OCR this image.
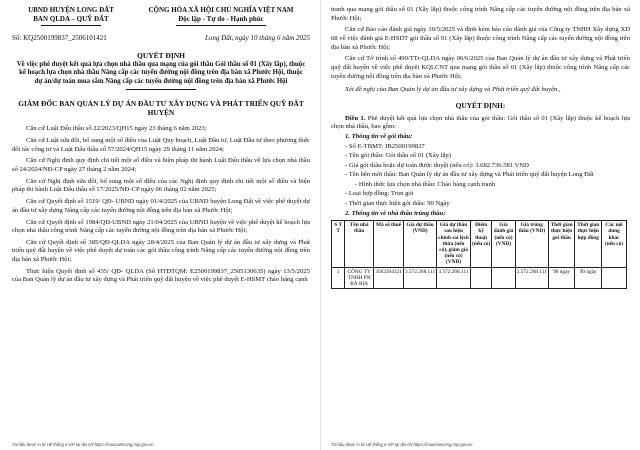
UBND HUYỆN LONG ĐẤT
BAN QLDA – QUỸ ĐẤT
CỘNG HÒA XÃ HỘI CHỦ NGHĨA VIỆT NAM
Độc lập - Tự do - Hạnh phúc
Số: KQ2500199837_2506101421	Long Đất, ngày 10 tháng 6 năm 2025
QUYẾT ĐỊNH
Về việc phê duyệt kết quả lựa chọn nhà thầu qua mạng của gói thầu Gói thầu số 01 (Xây lắp), thuộc kế hoạch lựa chọn nhà thầu Nâng cấp các tuyến đường nội đồng trên địa bàn xã Phước Hội, thuộc dự án/dự toán mua sắm Nâng cấp các tuyến đường nội đồng trên địa bàn xã Phước Hội
GIÁM ĐỐC BAN QUẢN LÝ DỰ ÁN ĐẦU TƯ XÂY DỰNG VÀ PHÁT TRIỂN QUỸ ĐẤT HUYỆN
Căn cứ Luật Đấu thầu số 22/2023/QH15 ngày 23 tháng 6 năm 2023;
Căn cứ Luật sửa đổi, bổ sung một số điều của Luật Quy hoạch, Luật Đầu tư, Luật Đầu tư theo phương thức đối tác công tư và Luật Đấu thầu số 57/2024/QH15 ngày 29 tháng 11 năm 2024;
Căn cứ Nghị định quy định chi tiết một số điều và biện pháp thi hành Luật Đấu thầu về lựa chọn nhà thầu số 24/2024/NĐ-CP ngày 27 tháng 2 năm 2024;
Căn cứ Nghị định sửa đổi, bổ sung một số điều của các Nghị định quy định chi tiết một số điều và biện pháp thi hành Luật Đấu thầu số 17/2025/NĐ-CP ngày 06 tháng 02 năm 2025;
Căn cứ Quyết định số 1519/ QĐ- UBND ngày 01/4/2025 của UBND huyện Long Đất về việc phê duyệt dự án đầu tư xây dựng Nâng cấp các tuyến đường nội đồng trên địa bàn xã Phước Hội;
Căn cứ Quyết định số 1984/QĐ-UBND ngày 21/04/2025 của UBND huyện về việc phê duyệt kế hoạch lựa chọn nhà thầu công trình Nâng cấp các tuyến đường nội đồng trên địa bàn xã Phước Hội;
Căn cứ Quyết định số 385/QĐ-QLDA ngày 28/4/2025 của Ban Quản lý dự án đầu tư xây dựng và Phát triển quỹ đất huyện về việc phê duyệt dự toán các gói thầu công trình Nâng cấp các tuyến đường nội đồng trên địa bàn xã Phước Hội;
Thực hiện Quyết định số 435/ QĐ- QLDA (Số HTĐTQM: E2500199837_2505130635) ngày 13/5/2025 của Ban Quản lý dự án đầu tư xây dựng và Phát triển quỹ đất huyện về việc phê duyệt E-HSMT chào hàng cạnh
Tài liệu được in từ Hệ thống e-GP tại địa chỉ https://muasamcong.mpi.gov.vn
tranh qua mạng gói thầu số 01 (Xây lắp) thuộc công trình Nâng cấp các tuyến đường nội đồng trên địa bàn xã Phước Hội;
Căn cứ Báo cáo đánh giá ngày 30/5/2025 và định kèm báo cáo đánh giá của Công ty TNHH Xây dựng XD 68 về việc đánh giá E-HSDT gói thầu số 01 (Xây lắp) thuộc công trình Nâng cấp các tuyến đường nội đồng trên địa bàn xã Phước Hội;
Căn cứ Tờ trình số 490/TTr-QLDA ngày 06/6/2025 của Ban Quản lý dự án đầu tư xây dựng và Phát triển quỹ đất huyện về việc phê duyệt KQLCNT qua mạng gói thầu số 01 (Xây lắp) thuộc công trình Nâng cấp các tuyến đường nội đồng trên địa bàn xã Phước Hội;
Xét đề nghị của Ban Quản lý dự án đầu tư xây dựng và Phát triển quỹ đất huyện.,
QUYẾT ĐỊNH:
Điều 1. Phê duyệt kết quả lựa chọn nhà thầu của gói thầu: Gói thầu số 01 (Xây lắp) thuộc kế hoạch lựa chọn nhà thầu, bao gồm:
1. Thông tin về gói thầu:
- Số E-TBMT: IB2500199837
- Tên gói thầu: Gói thầu số 01 (Xây lắp)
- Giá gói thầu hoặc dự toán được duyệt (nếu có): 3.682.736.581 VND
- Tên bên mời thầu: Ban Quản lý dự án đầu tư xây dựng và Phát triển quỹ đất huyện Long Đất
- Hình thức lựa chọn nhà thầu: Chào hàng cạnh tranh
- Loại hợp đồng: Trọn gói
- Thời gian thực hiện gói thầu: 90 Ngày
2. Thông tin về nhà thầu trúng thầu:
S T T	Tên nhà thầu	Mã số thuế	Giá dự thầu (VND)	Giá dự thầu sau hiệu chỉnh sai lệch thừa (nếu có), giảm giá (nếu có) (VND)	Điểm kỹ thuật (nếu có)	Giá đánh giá (nếu có) (VND)	Giá trúng thầu (VND)	Thời gian thực hiện gói thầu	Thời gian thực hiện hợp đồng	Các nội dung khác (nếu có)
1	CÔNG TY TNHH PN BÀ RỊA	3502394321	3.572.268.111	3.572.268.111			3.572.268.111	90 ngày	90 ngày	
Tài liệu được in từ Hệ thống e-GP tại địa chỉ https://muasamcong.mpi.gov.vn
